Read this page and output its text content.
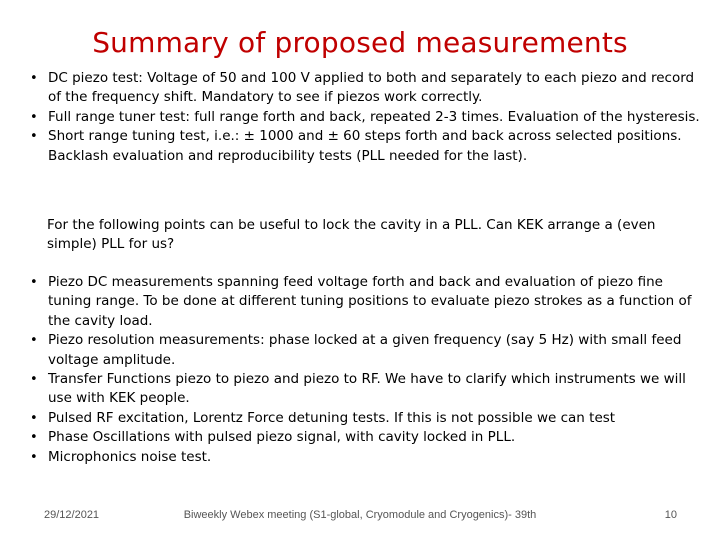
Summary of proposed measurements
• DC piezo test: Voltage of 50 and 100 V applied to both and separately to each piezo and record of the frequency shift. Mandatory to see if piezos work correctly.
• Full range tuner test: full range forth and back, repeated 2-3 times. Evaluation of the hysteresis.
• Short range tuning test, i.e.: ± 1000 and ± 60 steps forth and back across selected positions. Backlash evaluation and reproducibility tests (PLL needed for the last).

For the following points can be useful to lock the cavity in a PLL. Can KEK arrange a (even simple) PLL for us?

• Piezo DC measurements spanning feed voltage forth and back and evaluation of piezo fine tuning range. To be done at different tuning positions to evaluate piezo strokes as a function of the cavity load.
• Piezo resolution measurements: phase locked at a given frequency (say 5 Hz) with small feed voltage amplitude.
• Transfer Functions piezo to piezo and piezo to RF. We have to clarify which instruments we will use with KEK people.
• Pulsed RF excitation, Lorentz Force detuning tests. If this is not possible we can test
• Phase Oscillations with pulsed piezo signal, with cavity locked in PLL.
• Microphonics noise test.
29/12/2021	Biweekly Webex meeting (S1-global, Cryomodule and Cryogenics)- 39th	10
